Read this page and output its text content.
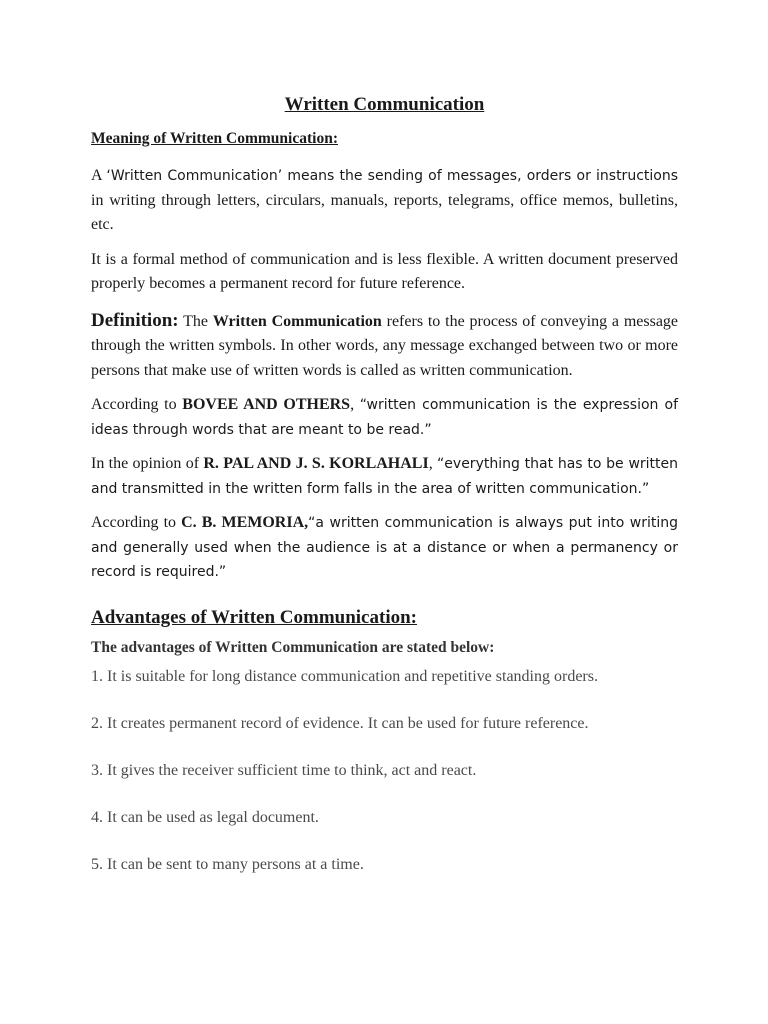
Written Communication
Meaning of Written Communication:

A ‘Written Communication’ means the sending of messages, orders or instructions in writing through letters, circulars, manuals, reports, telegrams, office memos, bulletins, etc.

It is a formal method of communication and is less flexible. A written document preserved properly becomes a permanent record for future reference.

Definition: The Written Communication refers to the process of conveying a message through the written symbols. In other words, any message exchanged between two or more persons that make use of written words is called as written communication.

According to BOVEE AND OTHERS, “written communication is the expression of ideas through words that are meant to be read.”

In the opinion of R. PAL AND J. S. KORLAHALI, “everything that has to be written and transmitted in the written form falls in the area of written communication.”

According to C. B. MEMORIA,“a written communication is always put into writing and generally used when the audience is at a distance or when a permanency or record is required.”

Advantages of Written Communication:
The advantages of Written Communication are stated below:
1. It is suitable for long distance communication and repetitive standing orders.
2. It creates permanent record of evidence. It can be used for future reference.
3. It gives the receiver sufficient time to think, act and react.
4. It can be used as legal document.
5. It can be sent to many persons at a time.
